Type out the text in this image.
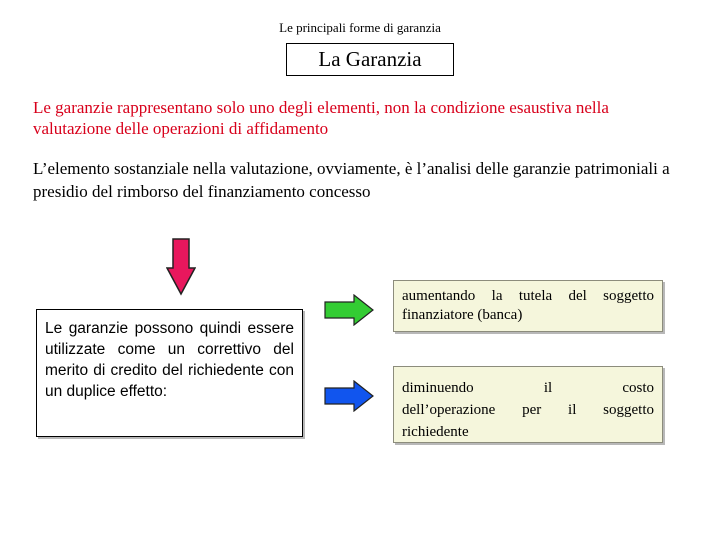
Le principali forme di garanzia
La Garanzia
Le garanzie rappresentano solo uno degli elementi, non la condizione esaustiva nella valutazione delle operazioni di affidamento
L’elemento sostanziale nella valutazione, ovviamente, è l’analisi delle garanzie patrimoniali a presidio del rimborso del finanziamento concesso
Le garanzie possono quindi essere utilizzate come un correttivo del merito di credito del richiedente con un duplice effetto:
aumentando la tutela del soggetto finanziatore (banca)
diminuendo il costo
dell’operazione per il soggetto
richiedente
